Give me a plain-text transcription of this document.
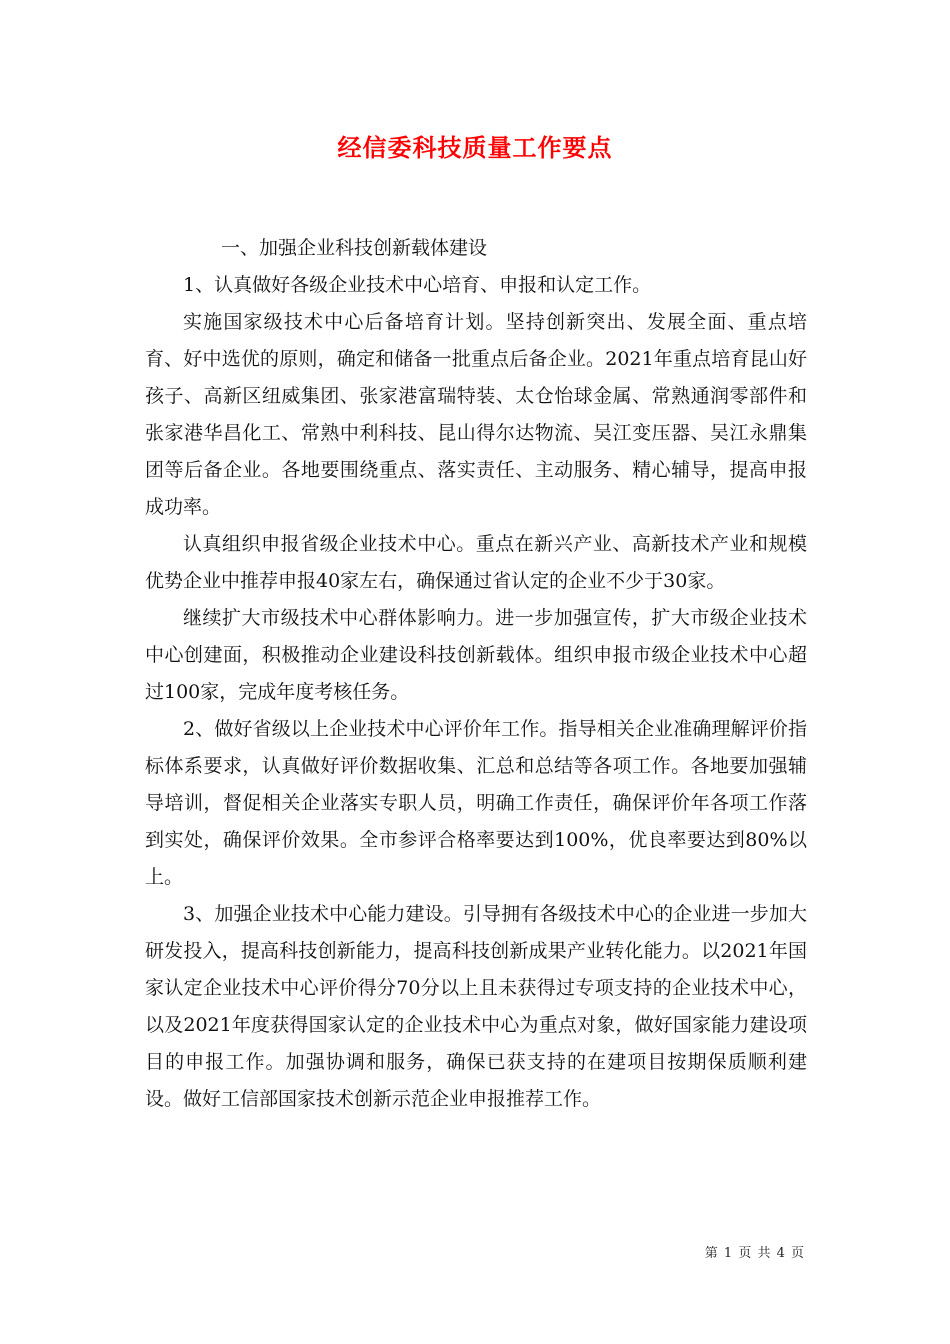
经信委科技质量工作要点

一、加强企业科技创新载体建设

1、认真做好各级企业技术中心培育、申报和认定工作。

实施国家级技术中心后备培育计划。坚持创新突出、发展全面、重点培育、好中选优的原则，确定和储备一批重点后备企业。2021年重点培育昆山好孩子、高新区纽威集团、张家港富瑞特装、太仓怡球金属、常熟通润零部件和张家港华昌化工、常熟中利科技、昆山得尔达物流、吴江变压器、吴江永鼎集团等后备企业。各地要围绕重点、落实责任、主动服务、精心辅导，提高申报成功率。

认真组织申报省级企业技术中心。重点在新兴产业、高新技术产业和规模优势企业中推荐申报40家左右，确保通过省认定的企业不少于30家。

继续扩大市级技术中心群体影响力。进一步加强宣传，扩大市级企业技术中心创建面，积极推动企业建设科技创新载体。组织申报市级企业技术中心超过100家，完成年度考核任务。

2、做好省级以上企业技术中心评价年工作。指导相关企业准确理解评价指标体系要求，认真做好评价数据收集、汇总和总结等各项工作。各地要加强辅导培训，督促相关企业落实专职人员，明确工作责任，确保评价年各项工作落到实处，确保评价效果。全市参评合格率要达到100%，优良率要达到80%以上。

3、加强企业技术中心能力建设。引导拥有各级技术中心的企业进一步加大研发投入，提高科技创新能力，提高科技创新成果产业转化能力。以2021年国家认定企业技术中心评价得分70分以上且未获得过专项支持的企业技术中心，以及2021年度获得国家认定的企业技术中心为重点对象，做好国家能力建设项目的申报工作。加强协调和服务，确保已获支持的在建项目按期保质顺利建设。做好工信部国家技术创新示范企业申报推荐工作。

第 1 页 共 4 页
